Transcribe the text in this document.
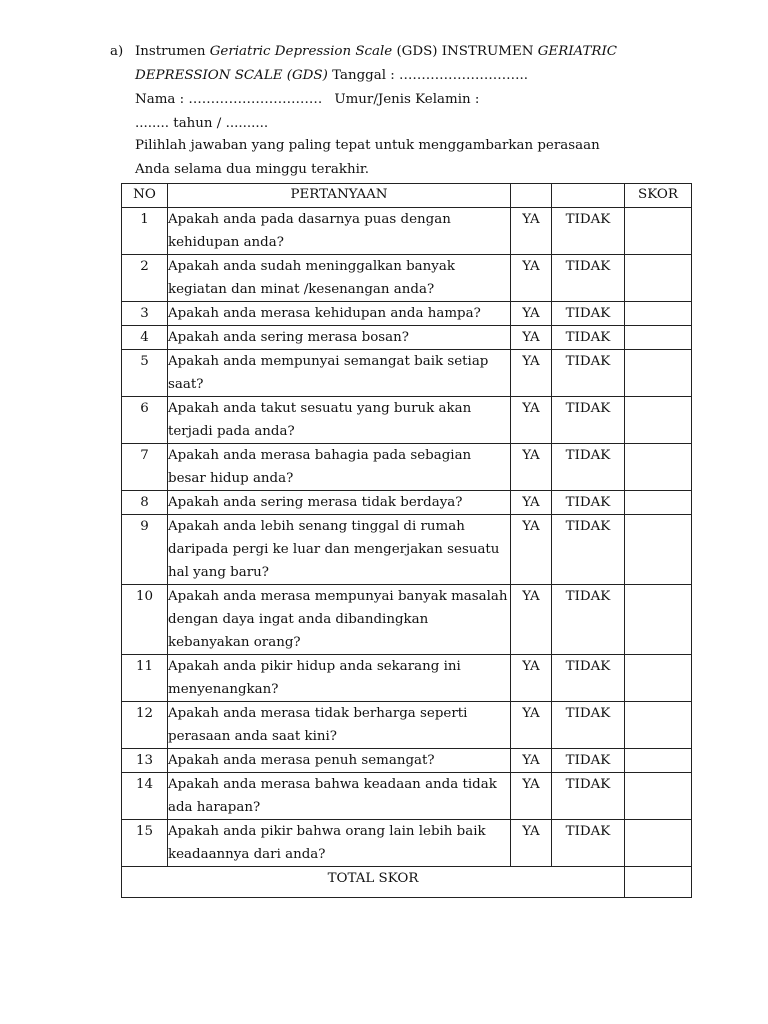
a) Instrumen Geriatric Depression Scale (GDS) INSTRUMEN GERIATRIC
DEPRESSION SCALE (GDS) Tanggal : ………………………..
Nama : ………………………… Umur/Jenis Kelamin :
........ tahun / ..........
Pilihlah jawaban yang paling tepat untuk menggambarkan perasaan
Anda selama dua minggu terakhir.
NO	PERTANYAAN			SKOR
1	Apakah anda pada dasarnya puas dengan kehidupan anda?	YA	TIDAK	
2	Apakah anda sudah meninggalkan banyak kegiatan dan minat /kesenangan anda?	YA	TIDAK	
3	Apakah anda merasa kehidupan anda hampa?	YA	TIDAK	
4	Apakah anda sering merasa bosan?	YA	TIDAK	
5	Apakah anda mempunyai semangat baik setiap saat?	YA	TIDAK	
6	Apakah anda takut sesuatu yang buruk akan terjadi pada anda?	YA	TIDAK	
7	Apakah anda merasa bahagia pada sebagian besar hidup anda?	YA	TIDAK	
8	Apakah anda sering merasa tidak berdaya?	YA	TIDAK	
9	Apakah anda lebih senang tinggal di rumah daripada pergi ke luar dan mengerjakan sesuatu hal yang baru?	YA	TIDAK	
10	Apakah anda merasa mempunyai banyak masalah dengan daya ingat anda dibandingkan kebanyakan orang?	YA	TIDAK	
11	Apakah anda pikir hidup anda sekarang ini menyenangkan?	YA	TIDAK	
12	Apakah anda merasa tidak berharga seperti perasaan anda saat kini?	YA	TIDAK	
13	Apakah anda merasa penuh semangat?	YA	TIDAK	
14	Apakah anda merasa bahwa keadaan anda tidak ada harapan?	YA	TIDAK	
15	Apakah anda pikir bahwa orang lain lebih baik keadaannya dari anda?	YA	TIDAK	
TOTAL SKOR				
